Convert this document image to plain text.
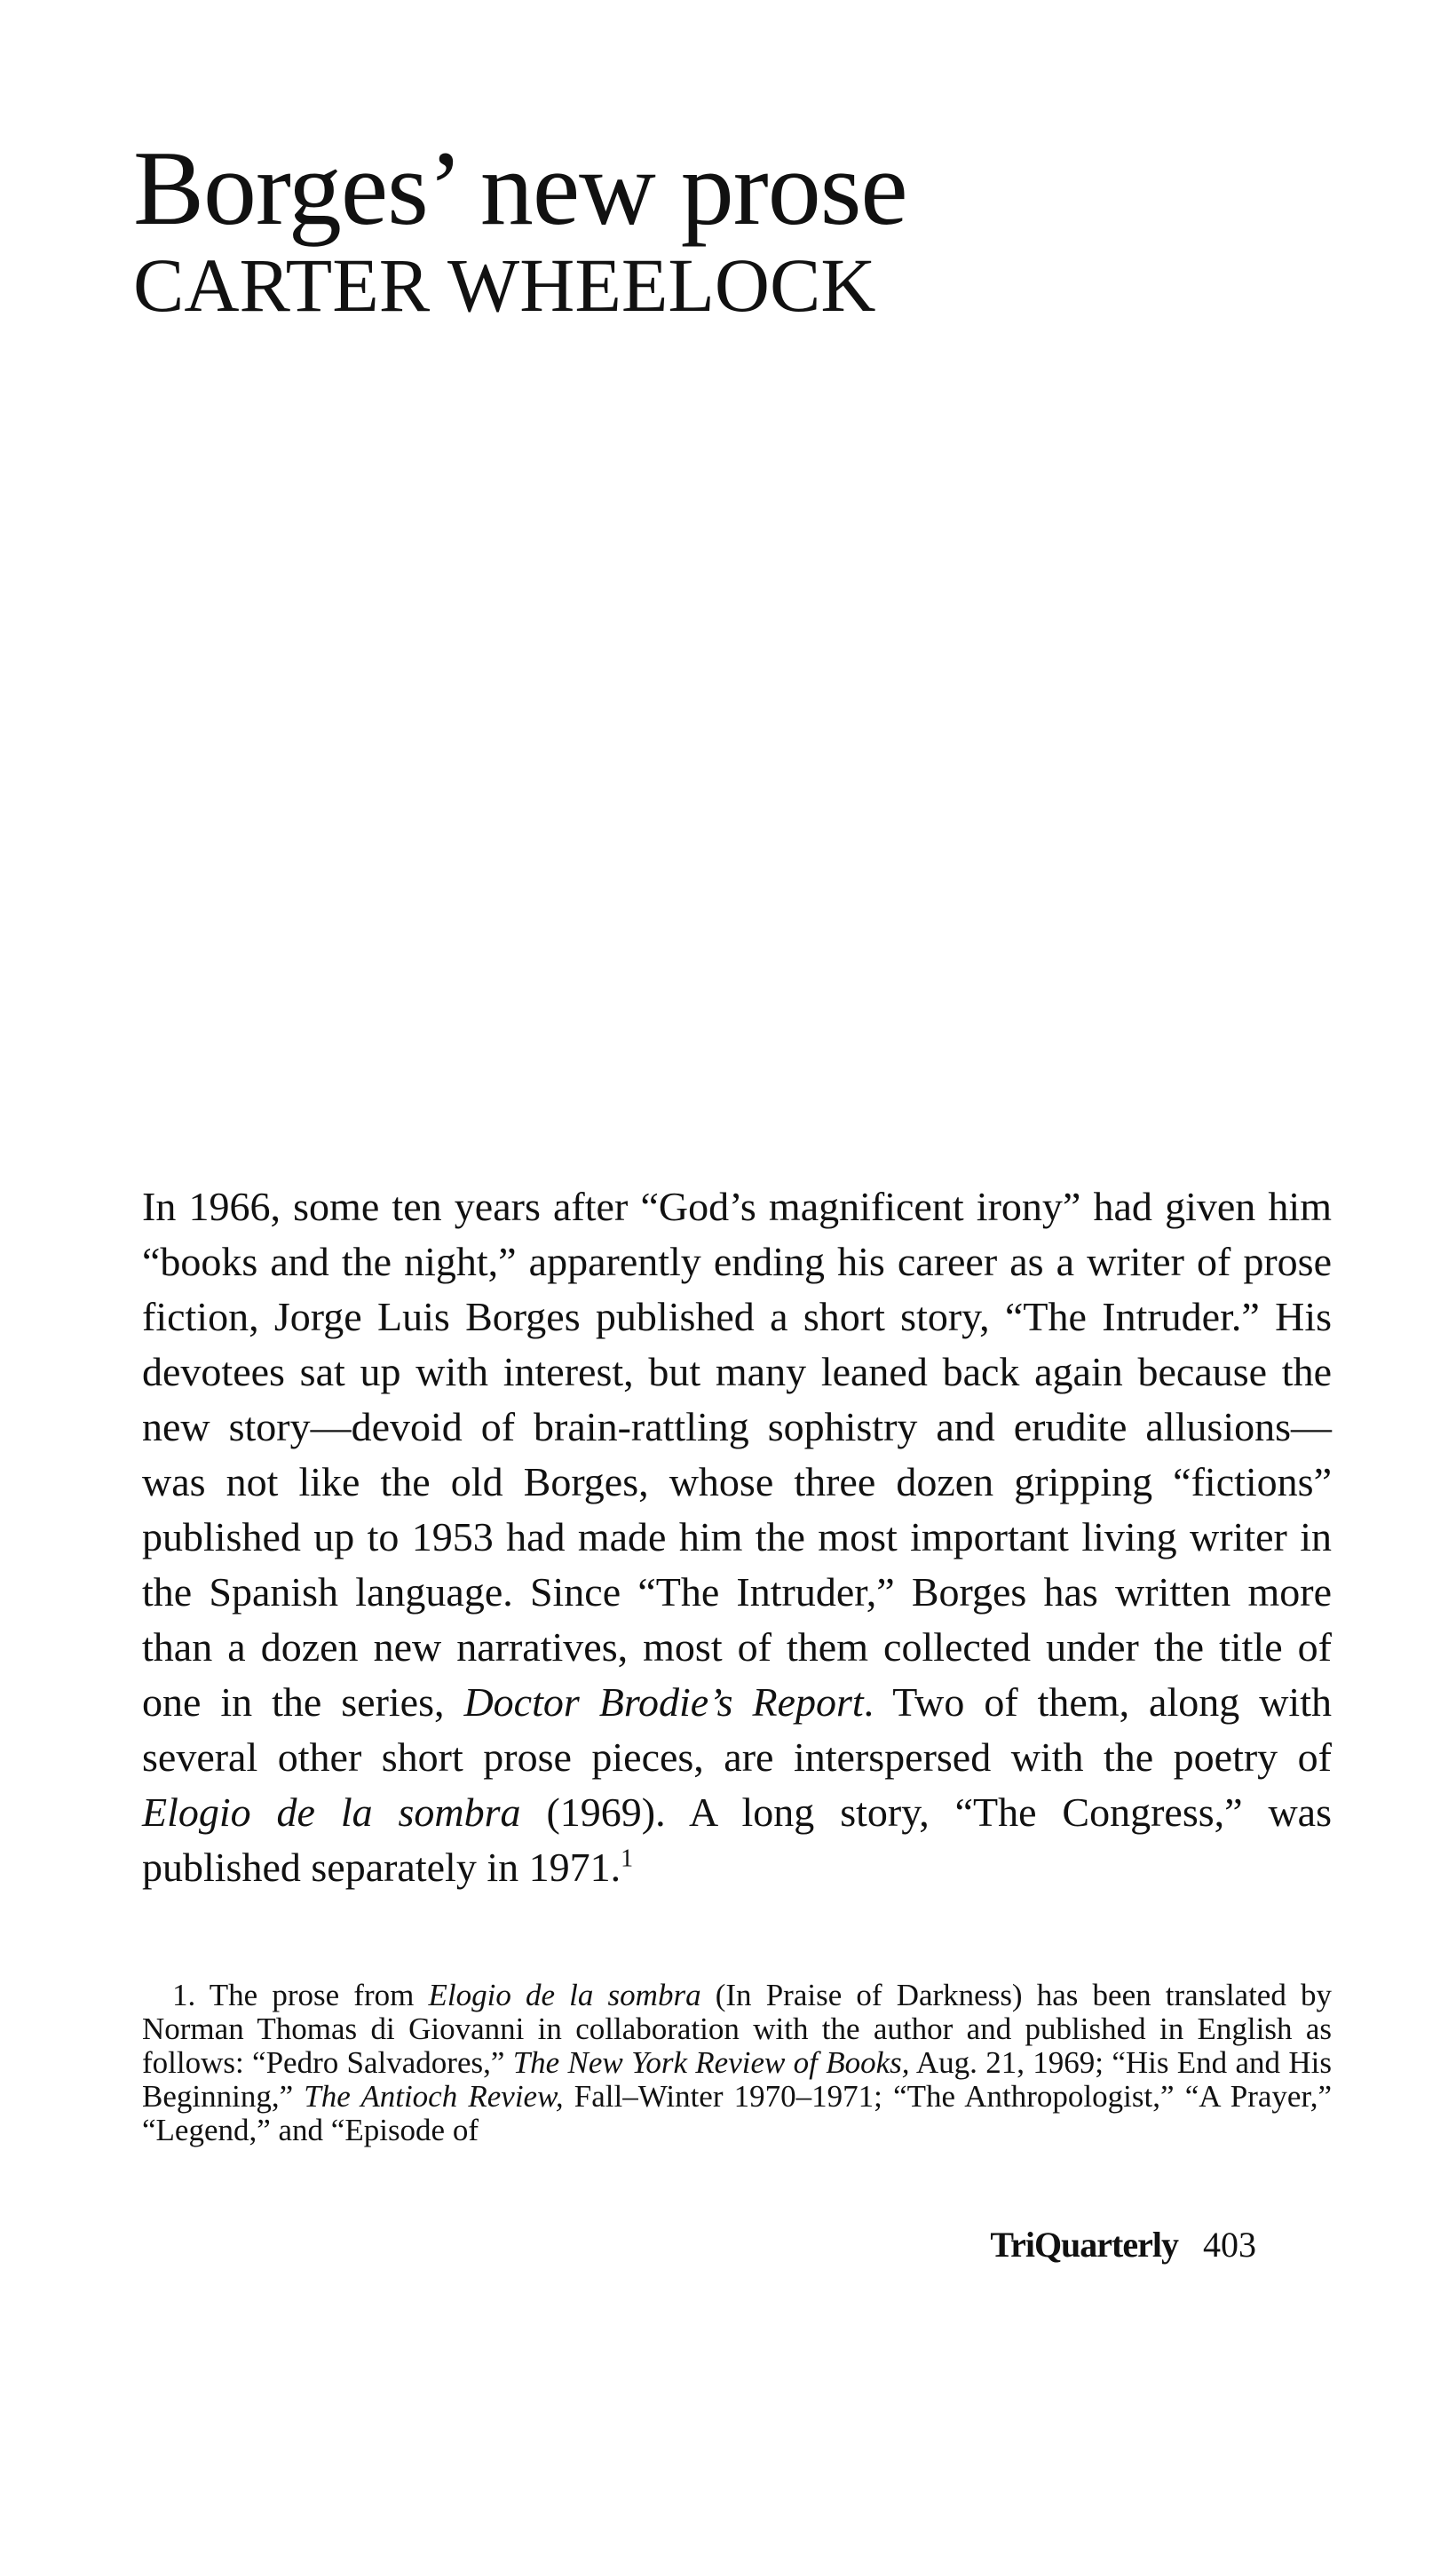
Borges’ new prose
CARTER WHEELOCK

In 1966, some ten years after “God’s magnificent irony” had given him “books and the night,” apparently ending his career as a writer of prose fiction, Jorge Luis Borges published a short story, “The Intruder.” His devotees sat up with interest, but many leaned back again because the new story—devoid of brain-rattling sophistry and erudite allusions—was not like the old Borges, whose three dozen gripping “fictions” published up to 1953 had made him the most important living writer in the Spanish language. Since “The Intruder,” Borges has written more than a dozen new narratives, most of them collected under the title of one in the series, Doctor Brodie’s Report. Two of them, along with several other short prose pieces, are interspersed with the poetry of Elogio de la sombra (1969). A long story, “The Congress,” was published separately in 1971.$^1$

1. The prose from Elogio de la sombra (In Praise of Darkness) has been translated by Norman Thomas di Giovanni in collaboration with the author and published in English as follows: “Pedro Salvadores,” The New York Review of Books, Aug. 21, 1969; “His End and His Beginning,” The Antioch Review, Fall–Winter 1970–1971; “The Anthropologist,” “A Prayer,” “Legend,” and “Episode of

TriQuarterly 403
